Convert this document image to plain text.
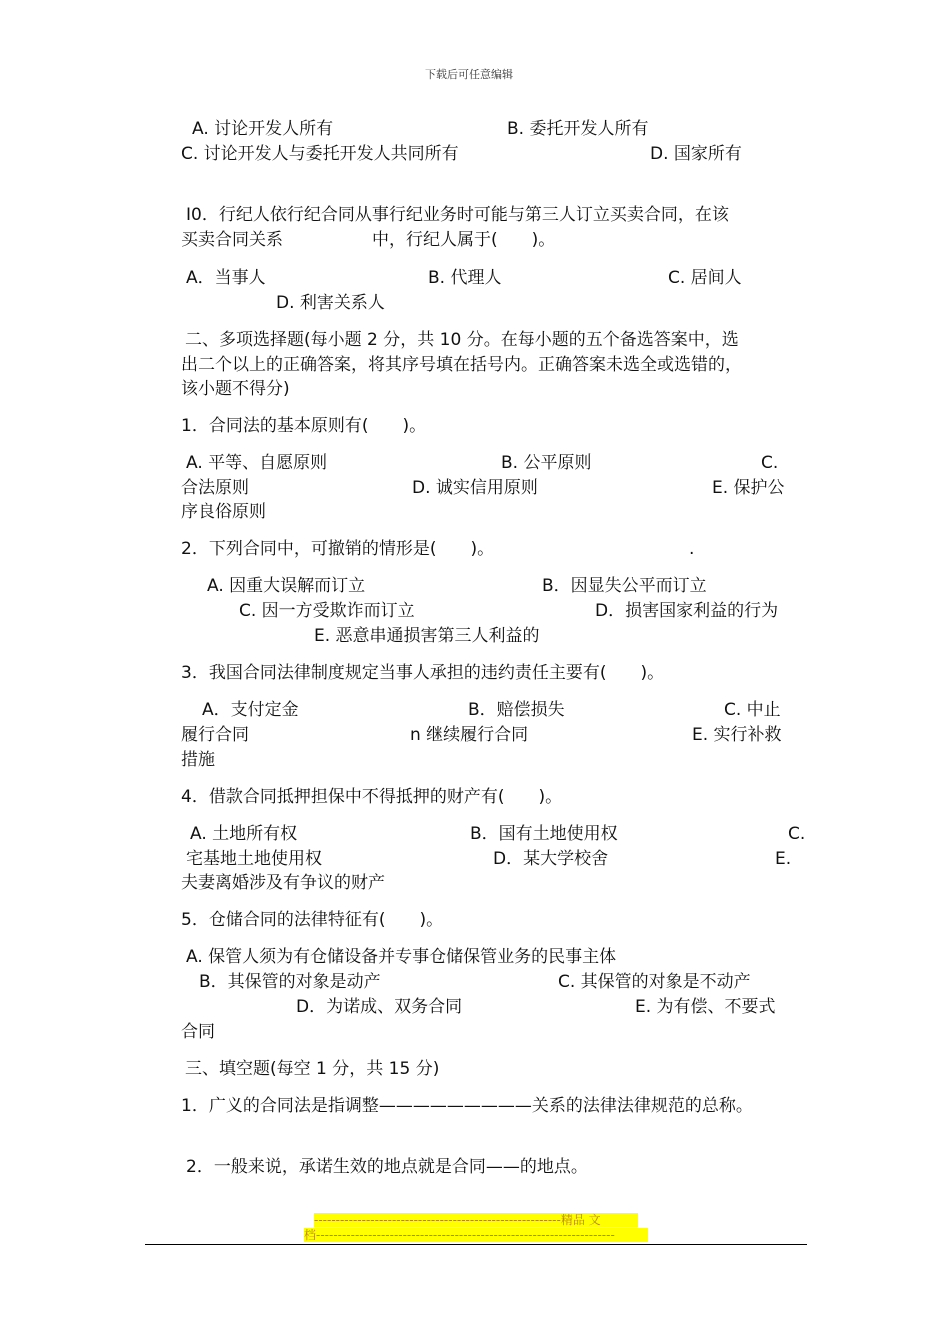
下载后可任意编辑
A. 讨论开发人所有	B. 委托开发人所有
C. 讨论开发人与委托开发人共同所有	D. 国家所有
I0．行纪人依行纪合同从事行纪业务时可能与第三人订立买卖合同，在该
买卖合同关系	中，行纪人属于(　　)。
A．当事人	B. 代理人	C. 居间人
D. 利害关系人
二、多项选择题(每小题 2 分，共 10 分。在每小题的五个备选答案中，选
出二个以上的正确答案，将其序号填在括号内。正确答案未选全或选错的，
该小题不得分)
1．合同法的基本原则有(　　)。
A. 平等、自愿原则	B. 公平原则	C.
合法原则	D. 诚实信用原则	E. 保护公
序良俗原则
2．下列合同中，可撤销的情形是(　　)。	.
A. 因重大误解而订立	B．因显失公平而订立
C. 因一方受欺诈而订立	D．损害国家利益的行为
E. 恶意串通损害第三人利益的
3．我国合同法律制度规定当事人承担的违约责任主要有(　　)。
A．支付定金	B．赔偿损失	C. 中止
履行合同	n 继续履行合同	E. 实行补救
措施
4．借款合同抵押担保中不得抵押的财产有(　　)。
A. 土地所有权	B．国有土地使用权	C.
宅基地土地使用权	D．某大学校舍	E.
夫妻离婚涉及有争议的财产
5．仓储合同的法律特征有(　　)。
A. 保管人须为有仓储设备并专事仓储保管业务的民事主体
B．其保管的对象是动产	C. 其保管的对象是不动产
D．为诺成、双务合同	E. 为有偿、不要式
合同
三、填空题(每空 1 分，共 15 分)
1．广义的合同法是指调整—————————关系的法律法律规范的总称。
2．一般来说，承诺生效的地点就是合同——的地点。
---------------------------------------------------------精品 文
档---------------------------------------------------------------------
